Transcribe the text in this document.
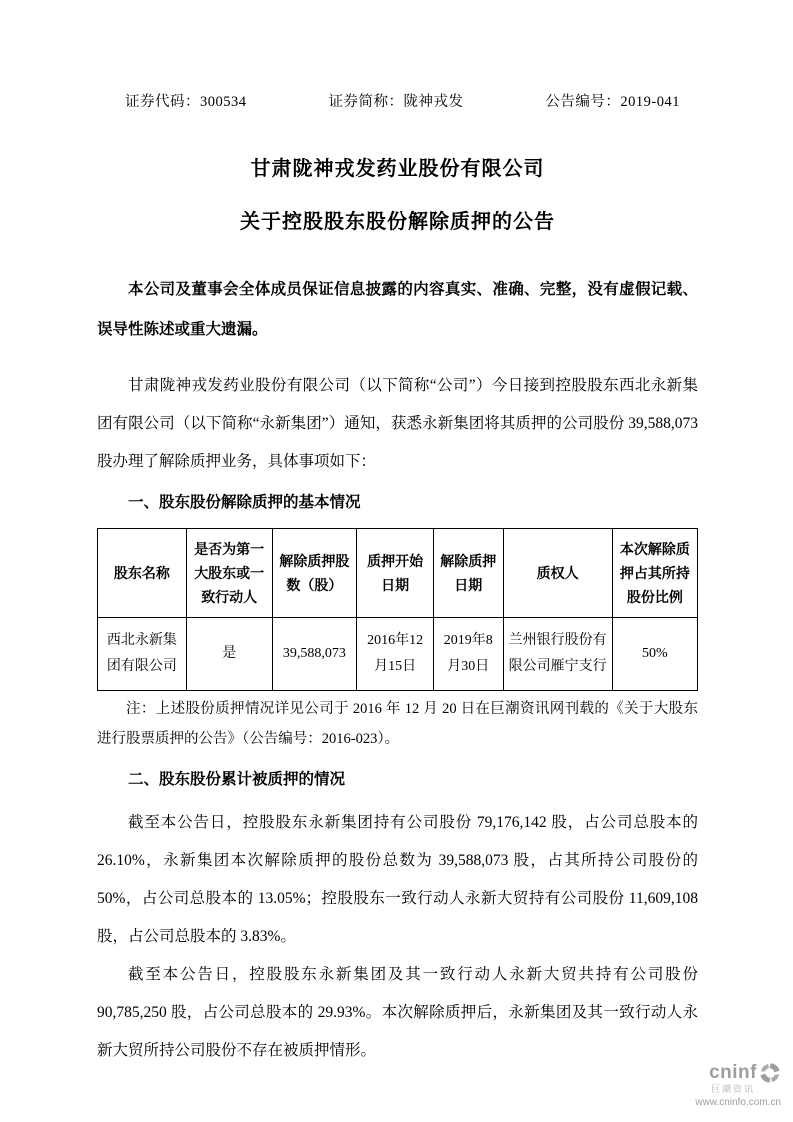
证券代码：300534	证券简称：陇神戎发	公告编号：2019-041
甘肃陇神戎发药业股份有限公司
关于控股股东股份解除质押的公告

本公司及董事会全体成员保证信息披露的内容真实、准确、完整，没有虚假记载、误导性陈述或重大遗漏。

甘肃陇神戎发药业股份有限公司（以下简称“公司”）今日接到控股股东西北永新集团有限公司（以下简称“永新集团”）通知，获悉永新集团将其质押的公司股份 39,588,073 股办理了解除质押业务，具体事项如下：

一、股东股份解除质押的基本情况
股东名称	是否为第一大股东或一致行动人	解除质押股数（股）	质押开始日期	解除质押日期	质权人	本次解除质押占其所持股份比例
西北永新集团有限公司	是	39,588,073	2016年12月15日	2019年8月30日	兰州银行股份有限公司雁宁支行	50%

注：上述股份质押情况详见公司于 2016 年 12 月 20 日在巨潮资讯网刊载的《关于大股东进行股票质押的公告》（公告编号：2016-023）。

二、股东股份累计被质押的情况

截至本公告日，控股股东永新集团持有公司股份 79,176,142 股，占公司总股本的 26.10%，永新集团本次解除质押的股份总数为 39,588,073 股，占其所持公司股份的 50%，占公司总股本的 13.05%；控股股东一致行动人永新大贸持有公司股份 11,609,108 股，占公司总股本的 3.83%。

截至本公告日，控股股东永新集团及其一致行动人永新大贸共持有公司股份 90,785,250 股，占公司总股本的 29.93%。本次解除质押后，永新集团及其一致行动人永新大贸所持公司股份不存在被质押情形。

cninf
巨潮资讯
www.cninfo.com.cn
